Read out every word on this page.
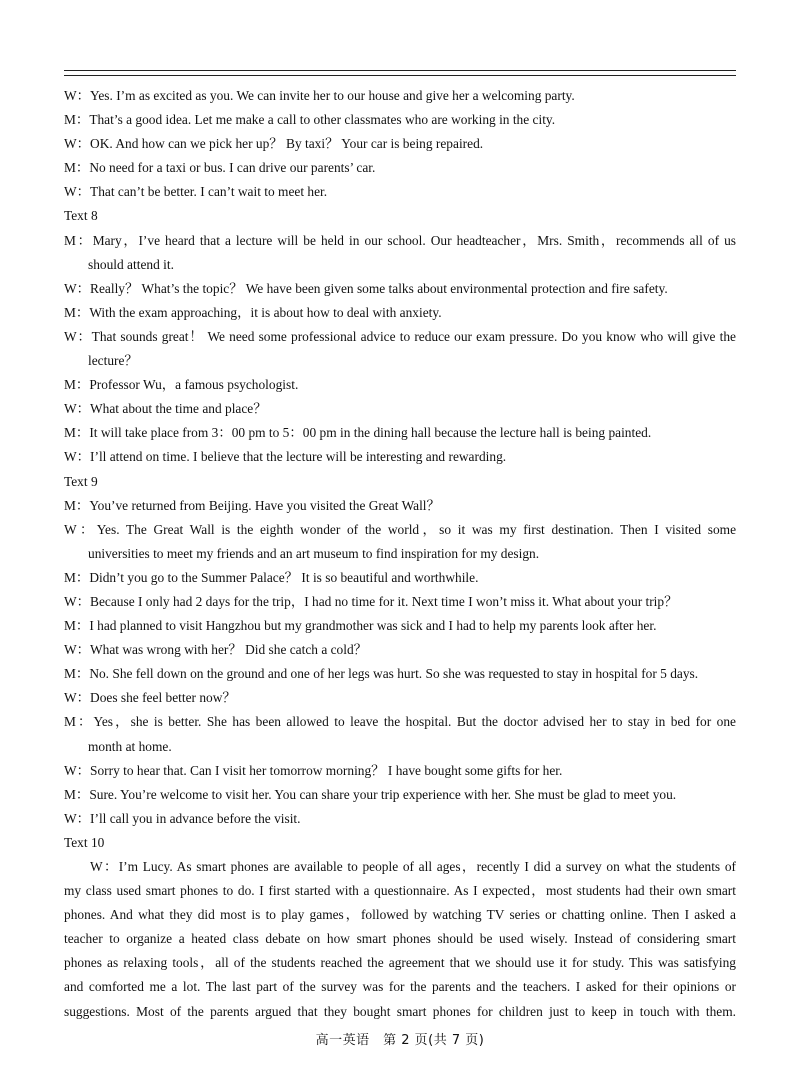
W：Yes. I’m as excited as you. We can invite her to our house and give her a welcoming party.
M：That’s a good idea. Let me make a call to other classmates who are working in the city.
W：OK. And how can we pick her up？ By taxi？ Your car is being repaired.
M：No need for a taxi or bus. I can drive our parents’ car.
W：That can’t be better. I can’t wait to meet her.
Text 8
M：Mary，I’ve heard that a lecture will be held in our school. Our headteacher，Mrs. Smith，recommends all of us
should attend it.
W：Really？ What’s the topic？ We have been given some talks about environmental protection and fire safety.
M：With the exam approaching，it is about how to deal with anxiety.
W：That sounds great！ We need some professional advice to reduce our exam pressure. Do you know who will give the
lecture？
M：Professor Wu，a famous psychologist.
W：What about the time and place？
M：It will take place from 3：00 pm to 5：00 pm in the dining hall because the lecture hall is being painted.
W：I’ll attend on time. I believe that the lecture will be interesting and rewarding.
Text 9
M：You’ve returned from Beijing. Have you visited the Great Wall？
W：Yes. The Great Wall is the eighth wonder of the world，so it was my first destination. Then I visited some
universities to meet my friends and an art museum to find inspiration for my design.
M：Didn’t you go to the Summer Palace？ It is so beautiful and worthwhile.
W：Because I only had 2 days for the trip，I had no time for it. Next time I won’t miss it. What about your trip？
M：I had planned to visit Hangzhou but my grandmother was sick and I had to help my parents look after her.
W：What was wrong with her？ Did she catch a cold？
M：No. She fell down on the ground and one of her legs was hurt. So she was requested to stay in hospital for 5 days.
W：Does she feel better now？
M：Yes，she is better. She has been allowed to leave the hospital. But the doctor advised her to stay in bed for one
month at home.
W：Sorry to hear that. Can I visit her tomorrow morning？ I have bought some gifts for her.
M：Sure. You’re welcome to visit her. You can share your trip experience with her. She must be glad to meet you.
W：I’ll call you in advance before the visit.
Text 10
W：I’m Lucy. As smart phones are available to people of all ages，recently I did a survey on what the students of
my class used smart phones to do. I first started with a questionnaire. As I expected，most students had their own smart
phones. And what they did most is to play games，followed by watching TV series or chatting online. Then I asked a
teacher to organize a heated class debate on how smart phones should be used wisely. Instead of considering smart
phones as relaxing tools，all of the students reached the agreement that we should use it for study. This was satisfying
and comforted me a lot. The last part of the survey was for the parents and the teachers. I asked for their opinions or
suggestions. Most of the parents argued that they bought smart phones for children just to keep in touch with them.
高一英语　第 2 页(共 7 页)
